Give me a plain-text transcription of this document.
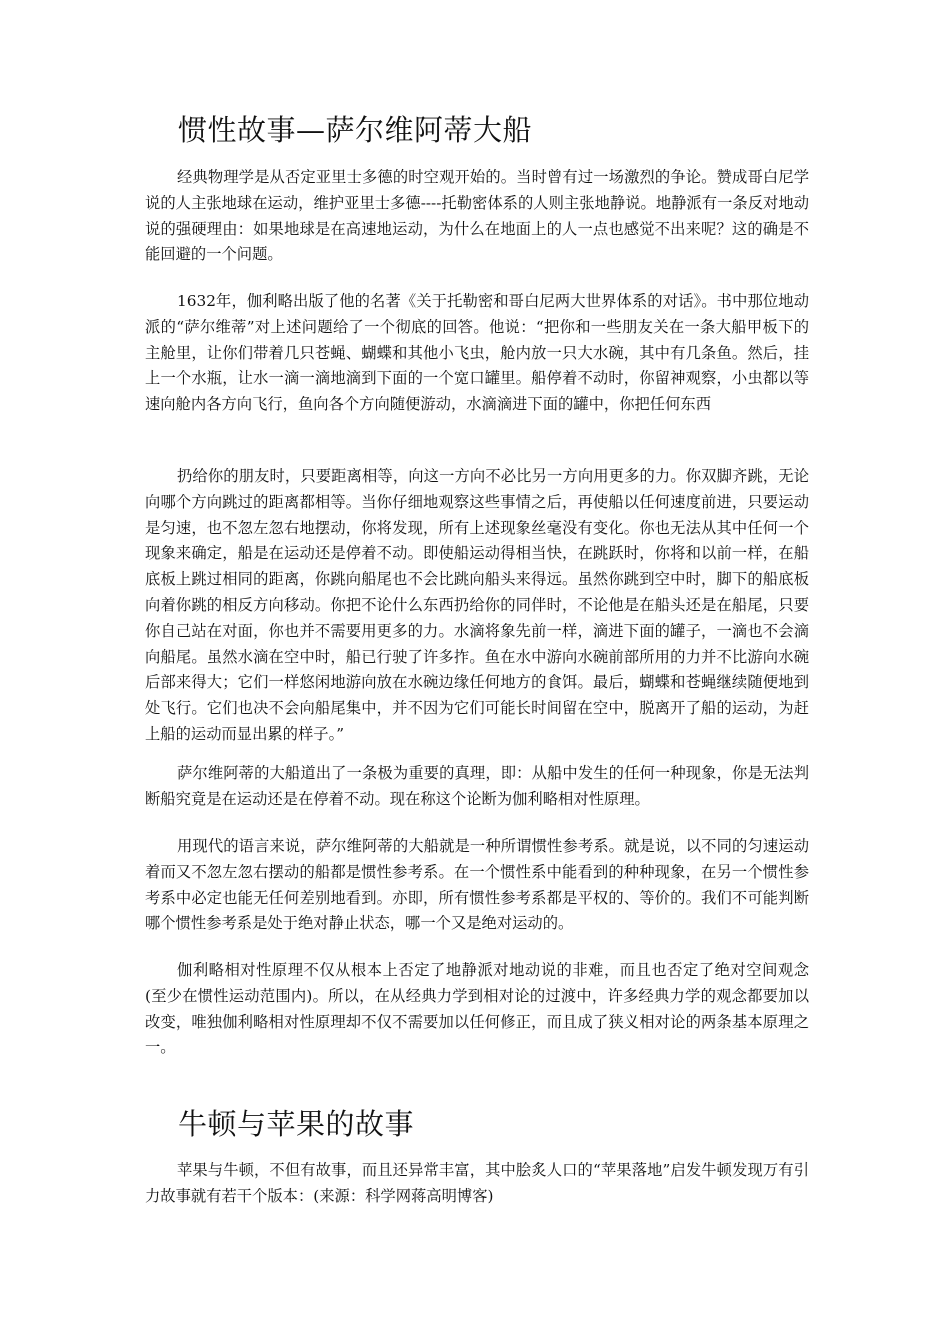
惯性故事—萨尔维阿蒂大船

经典物理学是从否定亚里士多德的时空观开始的。当时曾有过一场激烈的争论。赞成哥白尼学说的人主张地球在运动，维护亚里士多德----托勒密体系的人则主张地静说。地静派有一条反对地动说的强硬理由：如果地球是在高速地运动，为什么在地面上的人一点也感觉不出来呢？这的确是不能回避的一个问题。

1632年，伽利略出版了他的名著《关于托勒密和哥白尼两大世界体系的对话》。书中那位地动派的“萨尔维蒂”对上述问题给了一个彻底的回答。他说：“把你和一些朋友关在一条大船甲板下的主舱里，让你们带着几只苍蝇、蝴蝶和其他小飞虫，舱内放一只大水碗，其中有几条鱼。然后，挂上一个水瓶，让水一滴一滴地滴到下面的一个宽口罐里。船停着不动时，你留神观察，小虫都以等速向舱内各方向飞行，鱼向各个方向随便游动，水滴滴进下面的罐中，你把任何东西

扔给你的朋友时，只要距离相等，向这一方向不必比另一方向用更多的力。你双脚齐跳，无论向哪个方向跳过的距离都相等。当你仔细地观察这些事情之后，再使船以任何速度前进，只要运动是匀速，也不忽左忽右地摆动，你将发现，所有上述现象丝毫没有变化。你也无法从其中任何一个现象来确定，船是在运动还是停着不动。即使船运动得相当快，在跳跃时，你将和以前一样，在船底板上跳过相同的距离，你跳向船尾也不会比跳向船头来得远。虽然你跳到空中时，脚下的船底板向着你跳的相反方向移动。你把不论什么东西扔给你的同伴时，不论他是在船头还是在船尾，只要你自己站在对面，你也并不需要用更多的力。水滴将象先前一样，滴进下面的罐子，一滴也不会滴向船尾。虽然水滴在空中时，船已行驶了许多拃。鱼在水中游向水碗前部所用的力并不比游向水碗后部来得大；它们一样悠闲地游向放在水碗边缘任何地方的食饵。最后，蝴蝶和苍蝇继续随便地到处飞行。它们也决不会向船尾集中，并不因为它们可能长时间留在空中，脱离开了船的运动，为赶上船的运动而显出累的样子。”

萨尔维阿蒂的大船道出了一条极为重要的真理，即：从船中发生的任何一种现象，你是无法判断船究竟是在运动还是在停着不动。现在称这个论断为伽利略相对性原理。

用现代的语言来说，萨尔维阿蒂的大船就是一种所谓惯性参考系。就是说，以不同的匀速运动着而又不忽左忽右摆动的船都是惯性参考系。在一个惯性系中能看到的种种现象，在另一个惯性参考系中必定也能无任何差别地看到。亦即，所有惯性参考系都是平权的、等价的。我们不可能判断哪个惯性参考系是处于绝对静止状态，哪一个又是绝对运动的。

伽利略相对性原理不仅从根本上否定了地静派对地动说的非难，而且也否定了绝对空间观念(至少在惯性运动范围内)。所以，在从经典力学到相对论的过渡中，许多经典力学的观念都要加以改变，唯独伽利略相对性原理却不仅不需要加以任何修正，而且成了狭义相对论的两条基本原理之一。

牛顿与苹果的故事

苹果与牛顿，不但有故事，而且还异常丰富，其中脍炙人口的“苹果落地”启发牛顿发现万有引力故事就有若干个版本：(来源：科学网蒋高明博客)
